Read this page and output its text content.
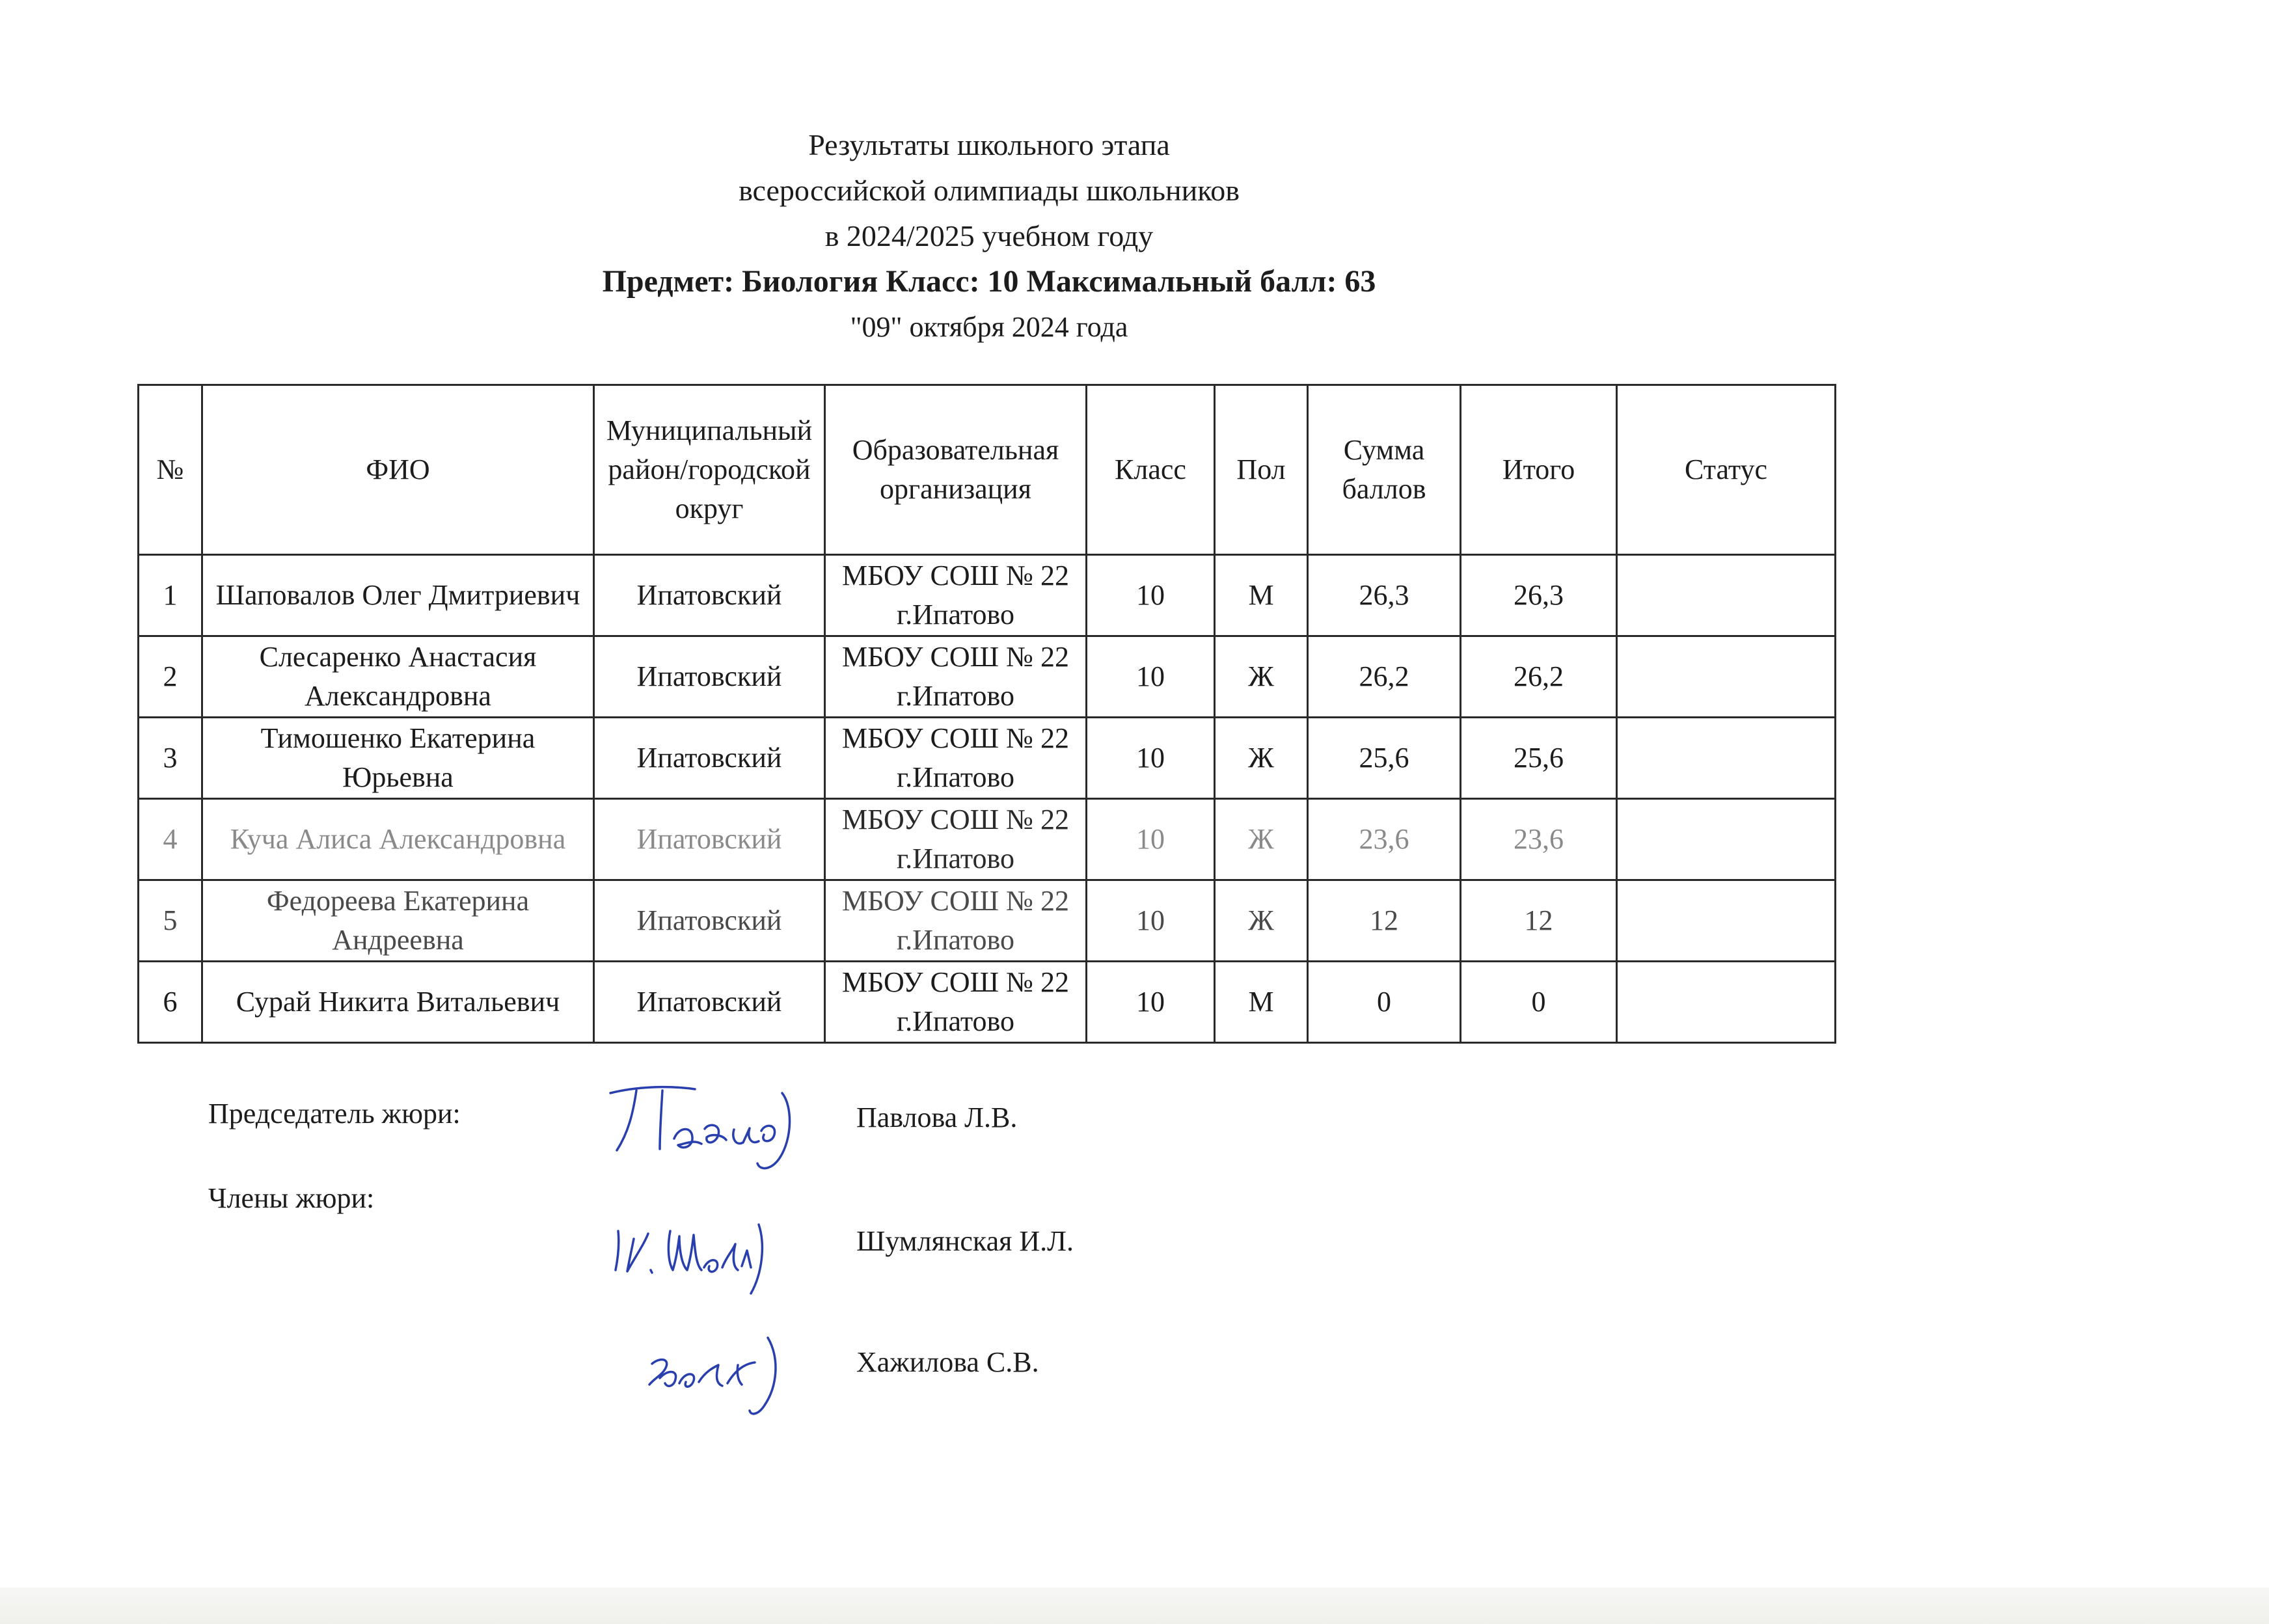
Результаты школьного этапа
всероссийской олимпиады школьников
в 2024/2025 учебном году
Предмет: Биология Класс: 10 Максимальный балл: 63
"09" октября 2024 года
№	ФИО	Муниципальный район/городской округ	Образовательная организация	Класс	Пол	Сумма баллов	Итого	Статус
1	Шаповалов Олег Дмитриевич	Ипатовский	МБОУ СОШ № 22 г.Ипатово	10	М	26,3	26,3	
2	Слесаренко Анастасия Александровна	Ипатовский	МБОУ СОШ № 22 г.Ипатово	10	Ж	26,2	26,2	
3	Тимошенко Екатерина Юрьевна	Ипатовский	МБОУ СОШ № 22 г.Ипатово	10	Ж	25,6	25,6	
4	Куча Алиса Александровна	Ипатовский	МБОУ СОШ № 22 г.Ипатово	10	Ж	23,6	23,6	
5	Федореева Екатерина Андреевна	Ипатовский	МБОУ СОШ № 22 г.Ипатово	10	Ж	12	12	
6	Сурай Никита Витальевич	Ипатовский	МБОУ СОШ № 22 г.Ипатово	10	М	0	0	
Председатель жюри:	Павлова Л.В.
Члены жюри:
Шумлянская И.Л.
Хажилова С.В.
